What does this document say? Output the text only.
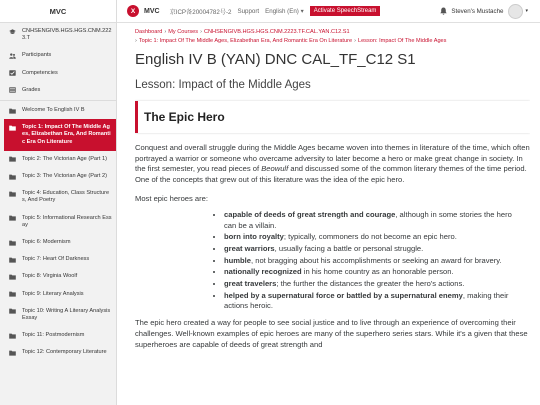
MVC
CNHSENGIVB.HGS.HGS.CNM.2223.T
Participants
Competencies
Grades
Welcome To English IV B
Topic 1: Impact Of The Middle Ages, Elizabethan Era, And Romantic Era On Literature
Topic 2: The Victorian Age (Part 1)
Topic 3: The Victorian Age (Part 2)
Topic 4: Education, Class Structures, And Poetry
Topic 5: Informational Research Essay
Topic 6: Modernism
Topic 7: Heart Of Darkness
Topic 8: Virginia Woolf
Topic 9: Literary Analysis
Topic 10: Writing A Literary Analysis Essay
Topic 11: Postmodernism
Topic 12: Contemporary Literature
X	MVC 京ICP备20004782号-2 Support English (En) ▾	Activate SpeechStream	Steven's Mustache	▾
Dashboard › My Courses › CNHSENGIVB.HGS.HGS.CNM.2223.TF.CAL.YAN.C12.S1
› Topic 1: Impact Of The Middle Ages, Elizabethan Era, And Romantic Era On Literature › Lesson: Impact Of The Middle Ages
English IV B (YAN) DNC CAL_TF_C12 S1
Lesson: Impact of the Middle Ages
The Epic Hero

Conquest and overall struggle during the Middle Ages became woven into themes in literature of the time, which often portrayed a warrior or someone who overcame adversity to later become a hero or make great change in society. In the first semester, you read pieces of Beowulf and discussed some of the common literary themes of the time period. One of the concepts that grew out of this literature was the idea of the epic hero.

Most epic heroes are:

• capable of deeds of great strength and courage, although in some stories the hero can be a villain.
• born into royalty; typically, commoners do not become an epic hero.
• great warriors, usually facing a battle or personal struggle.
• humble, not bragging about his accomplishments or seeking an award for bravery.
• nationally recognized in his home country as an honorable person.
• great travelers; the further the distances the greater the hero's actions.
• helped by a supernatural force or battled by a supernatural enemy, making their actions heroic.

The epic hero created a way for people to see social justice and to live through an experience of overcoming their challenges. Well-known examples of epic heroes are many of the superhero series stars. While it's a given that these superheroes are capable of deeds of great strength and
